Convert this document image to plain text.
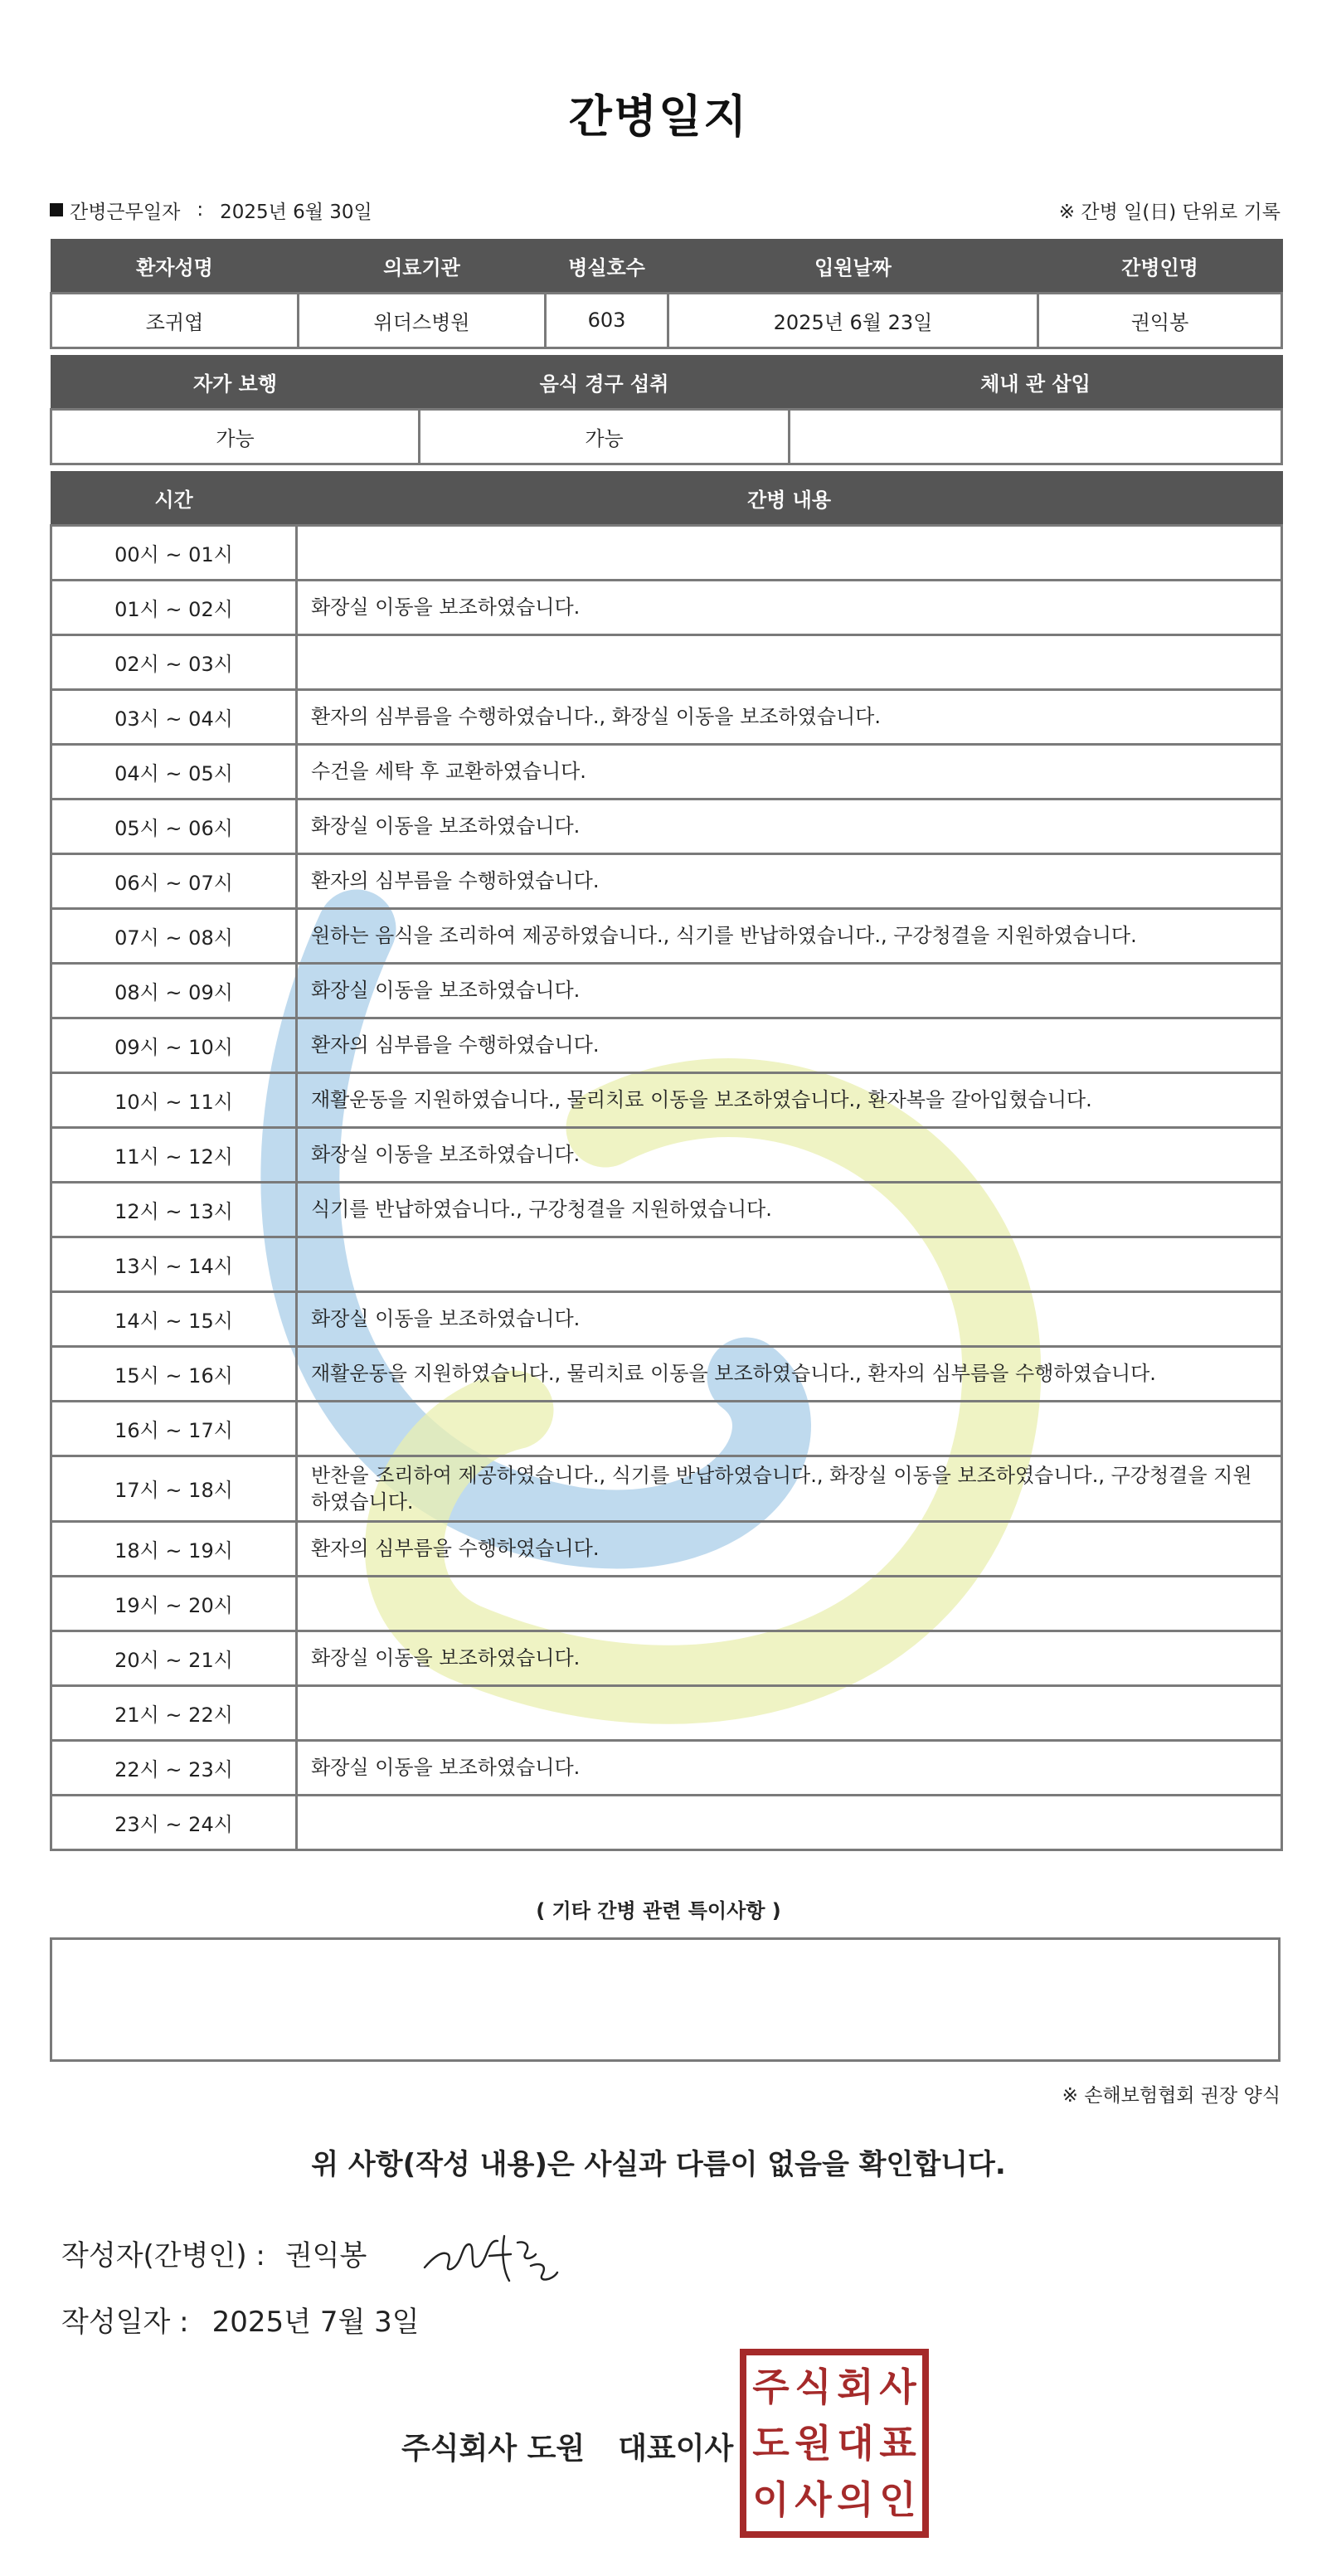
간병일지
간병근무일자 : 2025년 6월 30일	※ 간병 일(日) 단위로 기록
환자성명	의료기관	병실호수	입원날짜	간병인명
조귀엽	위더스병원	603	2025년 6월 23일	권익봉
자가 보행	음식 경구 섭취	체내 관 삽입
가능	가능	
시간	간병 내용
00시 ~ 01시	
01시 ~ 02시	화장실 이동을 보조하였습니다.
02시 ~ 03시	
03시 ~ 04시	환자의 심부름을 수행하였습니다., 화장실 이동을 보조하였습니다.
04시 ~ 05시	수건을 세탁 후 교환하였습니다.
05시 ~ 06시	화장실 이동을 보조하였습니다.
06시 ~ 07시	환자의 심부름을 수행하였습니다.
07시 ~ 08시	원하는 음식을 조리하여 제공하였습니다., 식기를 반납하였습니다., 구강청결을 지원하였습니다.
08시 ~ 09시	화장실 이동을 보조하였습니다.
09시 ~ 10시	환자의 심부름을 수행하였습니다.
10시 ~ 11시	재활운동을 지원하였습니다., 물리치료 이동을 보조하였습니다., 환자복을 갈아입혔습니다.
11시 ~ 12시	화장실 이동을 보조하였습니다.
12시 ~ 13시	식기를 반납하였습니다., 구강청결을 지원하였습니다.
13시 ~ 14시	
14시 ~ 15시	화장실 이동을 보조하였습니다.
15시 ~ 16시	재활운동을 지원하였습니다., 물리치료 이동을 보조하였습니다., 환자의 심부름을 수행하였습니다.
16시 ~ 17시	
17시 ~ 18시	반찬을 조리하여 제공하였습니다., 식기를 반납하였습니다., 화장실 이동을 보조하였습니다., 구강청결을 지원하였습니다.
18시 ~ 19시	환자의 심부름을 수행하였습니다.
19시 ~ 20시	
20시 ~ 21시	화장실 이동을 보조하였습니다.
21시 ~ 22시	
22시 ~ 23시	화장실 이동을 보조하였습니다.
23시 ~ 24시	
( 기타 간병 관련 특이사항 )
※ 손해보험협회 권장 양식
위 사항(작성 내용)은 사실과 다름이 없음을 확인합니다.
작성자(간병인) : 권익봉
작성일자 : 2025년 7월 3일
주식회사 도원 대표이사
주 식 회 사
도 원 대 표
이 사 의 인
